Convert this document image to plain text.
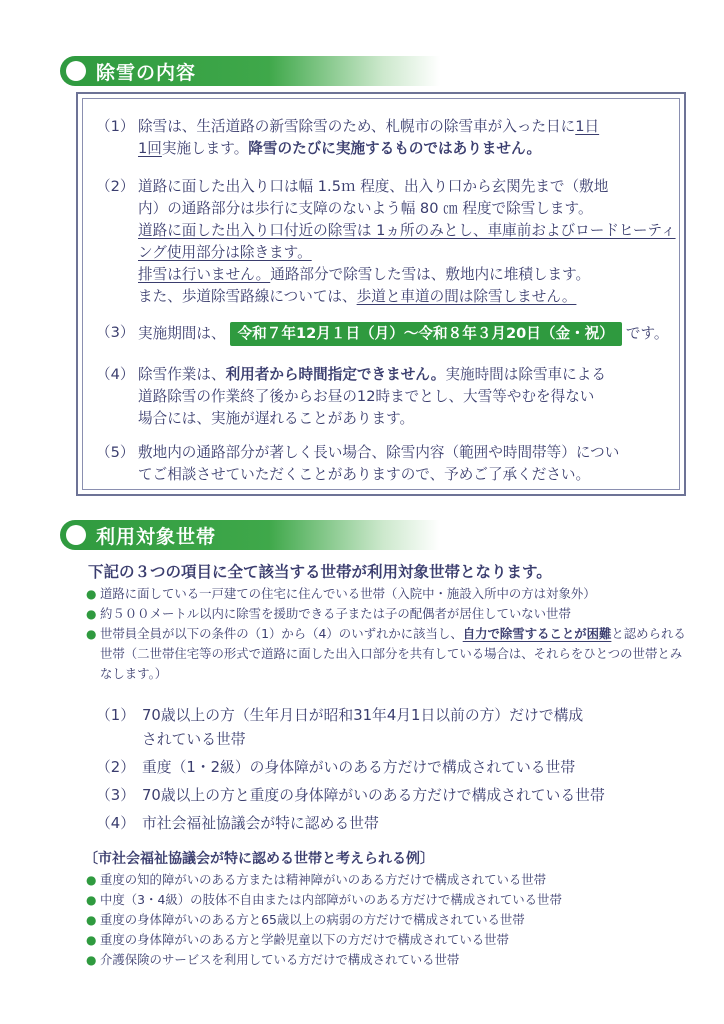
除雪の内容
（1） 除雪は、生活道路の新雪除雪のため、札幌市の除雪車が入った日に1日
1回実施します。降雪のたびに実施するものではありません。
（2） 道路に面した出入り口は幅 1.5ｍ 程度、出入り口から玄関先まで（敷地
内）の通路部分は歩行に支障のないよう幅 80 ㎝ 程度で除雪します。
道路に面した出入り口付近の除雪は 1ヵ所のみとし、車庫前およびロードヒーティング使用部分は除きます。
排雪は行いません。通路部分で除雪した雪は、敷地内に堆積します。
また、歩道除雪路線については、歩道と車道の間は除雪しません。
（3） 実施期間は、 令和７年12月１日（月）～令和８年３月20日（金・祝） です。
（4） 除雪作業は、利用者から時間指定できません。実施時間は除雪車による
道路除雪の作業終了後からお昼の12時までとし、大雪等やむを得ない
場合には、実施が遅れることがあります。
（5） 敷地内の通路部分が著しく長い場合、除雪内容（範囲や時間帯等）につい
てご相談させていただくことがありますので、予めご了承ください。
利用対象世帯
下記の３つの項目に全て該当する世帯が利用対象世帯となります。
● 道路に面している一戸建ての住宅に住んでいる世帯（入院中・施設入所中の方は対象外）
● 約５００メートル以内に除雪を援助できる子または子の配偶者が居住していない世帯
● 世帯員全員が以下の条件の（1）から（4）のいずれかに該当し、自力で除雪することが困難と認められる世帯（二世帯住宅等の形式で道路に面した出入口部分を共有している場合は、それらをひとつの世帯とみなします。）
（1） 70歳以上の方（生年月日が昭和31年4月1日以前の方）だけで構成
されている世帯
（2） 重度（1・2級）の身体障がいのある方だけで構成されている世帯
（3） 70歳以上の方と重度の身体障がいのある方だけで構成されている世帯
（4） 市社会福祉協議会が特に認める世帯
〔市社会福祉協議会が特に認める世帯と考えられる例〕
● 重度の知的障がいのある方または精神障がいのある方だけで構成されている世帯
● 中度（3・4級）の肢体不自由または内部障がいのある方だけで構成されている世帯
● 重度の身体障がいのある方と65歳以上の病弱の方だけで構成されている世帯
● 重度の身体障がいのある方と学齢児童以下の方だけで構成されている世帯
● 介護保険のサービスを利用している方だけで構成されている世帯
